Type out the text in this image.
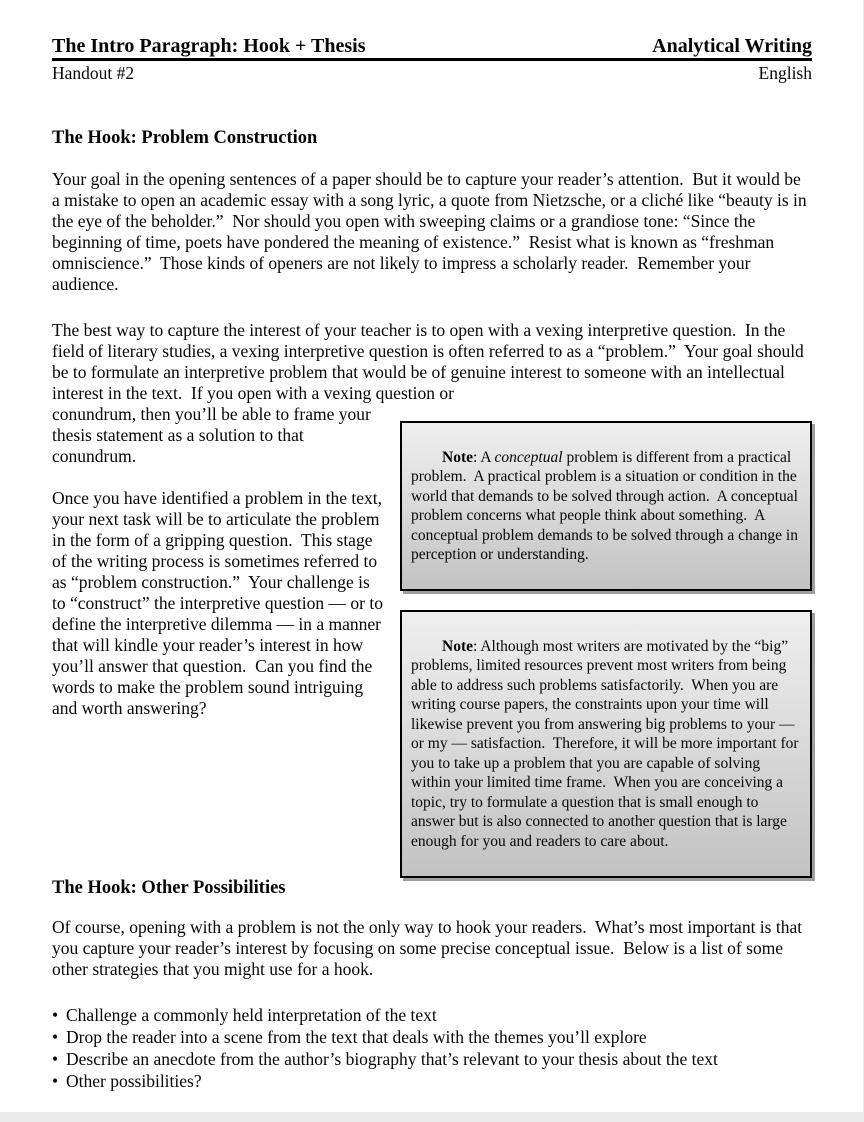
The Intro Paragraph: Hook + Thesis	Analytical Writing
Handout #2	English
The Hook: Problem Construction
Your goal in the opening sentences of a paper should be to capture your reader’s attention.  But it would be a mistake to open an academic essay with a song lyric, a quote from Nietzsche, or a cliché like “beauty is in the eye of the beholder.”  Nor should you open with sweeping claims or a grandiose tone: “Since the beginning of time, poets have pondered the meaning of existence.”  Resist what is known as “freshman omniscience.”  Those kinds of openers are not likely to impress a scholarly reader.  Remember your audience.
The best way to capture the interest of your teacher is to open with a vexing interpretive question.  In the field of literary studies, a vexing interpretive question is often referred to as a “problem.”  Your goal should be to formulate an interpretive problem that would be of genuine interest to someone with an intellectual interest in the text.  If you open with a vexing question or
conundrum, then you’ll be able to frame your thesis statement as a solution to that conundrum.
Once you have identified a problem in the text, your next task will be to articulate the problem in the form of a gripping question.  This stage of the writing process is sometimes referred to as “problem construction.”  Your challenge is to “construct” the interpretive question — or to define the interpretive dilemma — in a manner that will kindle your reader’s interest in how you’ll answer that question.  Can you find the words to make the problem sound intriguing and worth answering?

Note: A conceptual problem is different from a practical problem.  A practical problem is a situation or condition in the world that demands to be solved through action.  A conceptual problem concerns what people think about something.  A conceptual problem demands to be solved through a change in perception or understanding.

Note: Although most writers are motivated by the “big” problems, limited resources prevent most writers from being able to address such problems satisfactorily.  When you are writing course papers, the constraints upon your time will likewise prevent you from answering big problems to your — or my — satisfaction.  Therefore, it will be more important for you to take up a problem that you are capable of solving within your limited time frame.  When you are conceiving a topic, try to formulate a question that is small enough to answer but is also connected to another question that is large enough for you and readers to care about.

The Hook: Other Possibilities
Of course, opening with a problem is not the only way to hook your readers.  What’s most important is that you capture your reader’s interest by focusing on some precise conceptual issue.  Below is a list of some other strategies that you might use for a hook.
• Challenge a commonly held interpretation of the text
• Drop the reader into a scene from the text that deals with the themes you’ll explore
• Describe an anecdote from the author’s biography that’s relevant to your thesis about the text
• Other possibilities?
